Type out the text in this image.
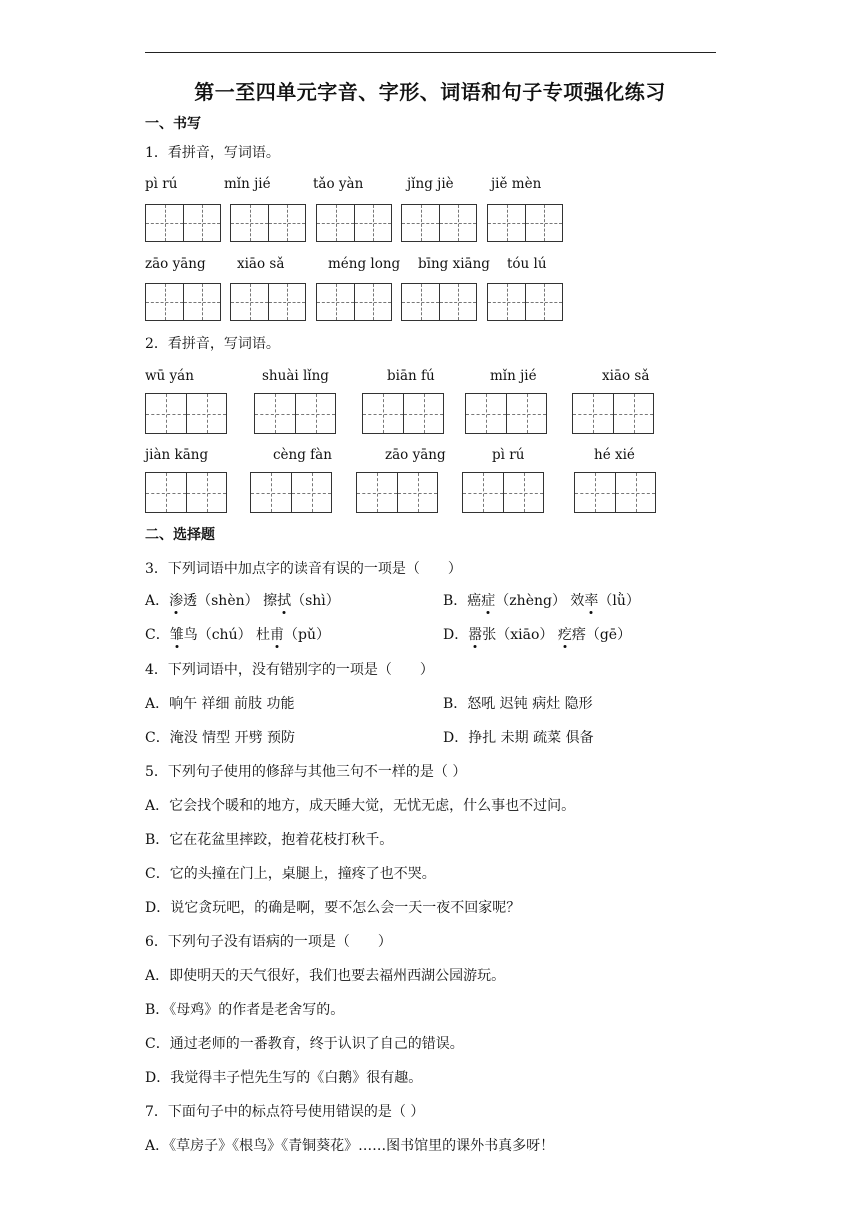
第一至四单元字音、字形、词语和句子专项强化练习
一、书写
1．看拼音，写词语。
pì rú	mǐn jié	tǎo yàn	jǐng jiè	jiě mèn
zāo yāng xiāo sǎ	méng long bīng xiāng tóu lú
2．看拼音，写词语。
wū yán	shuài lǐng	biān fú	mǐn jié	xiāo sǎ
jiàn kāng	cèng fàn	zāo yāng	pì rú	hé xié
二、选择题
3．下列词语中加点字的读音有误的一项是（　　）
A．渗透（shèn） 擦拭（shì）	B．癌症（zhèng） 效率（lǜ）
C．雏鸟（chú） 杜甫（pǔ）	D．嚣张（xiāo） 疙瘩（gē）
4．下列词语中，没有错别字的一项是（　　）
A．响午 祥细 前肢 功能	B．怒吼 迟钝 病灶 隐形
C．淹没 情型 开劈 预防	D．挣扎 未期 疏菜 俱备
5．下列句子使用的修辞与其他三句不一样的是（ ）
A．它会找个暖和的地方，成天睡大觉，无忧无虑，什么事也不过问。
B．它在花盆里摔跤，抱着花枝打秋千。
C．它的头撞在门上，桌腿上，撞疼了也不哭。
D．说它贪玩吧，的确是啊，要不怎么会一天一夜不回家呢？
6．下列句子没有语病的一项是（　　）
A．即使明天的天气很好，我们也要去福州西湖公园游玩。
B．《母鸡》的作者是老舍写的。
C．通过老师的一番教育，终于认识了自己的错误。
D．我觉得丰子恺先生写的《白鹅》很有趣。
7．下面句子中的标点符号使用错误的是（ ）
A．《草房子》《根鸟》《青铜葵花》……图书馆里的课外书真多呀！
